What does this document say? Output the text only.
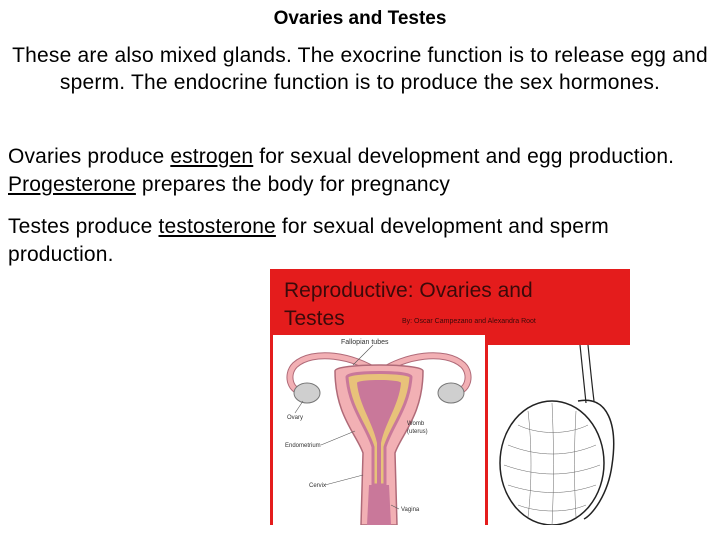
Ovaries and Testes
These are also mixed glands. The exocrine function is to release egg and sperm. The endocrine function is to produce the sex hormones.
Ovaries produce estrogen for sexual development and egg production. Progesterone prepares the body for pregnancy
Testes produce testosterone for sexual development and sperm production.
Reproductive: Ovaries and Testes	By: Oscar Campezano and Alexandra Root
Fallopian tubes
Ovary
Womb
(uterus)
Endometrium
Cervix
Vagina
